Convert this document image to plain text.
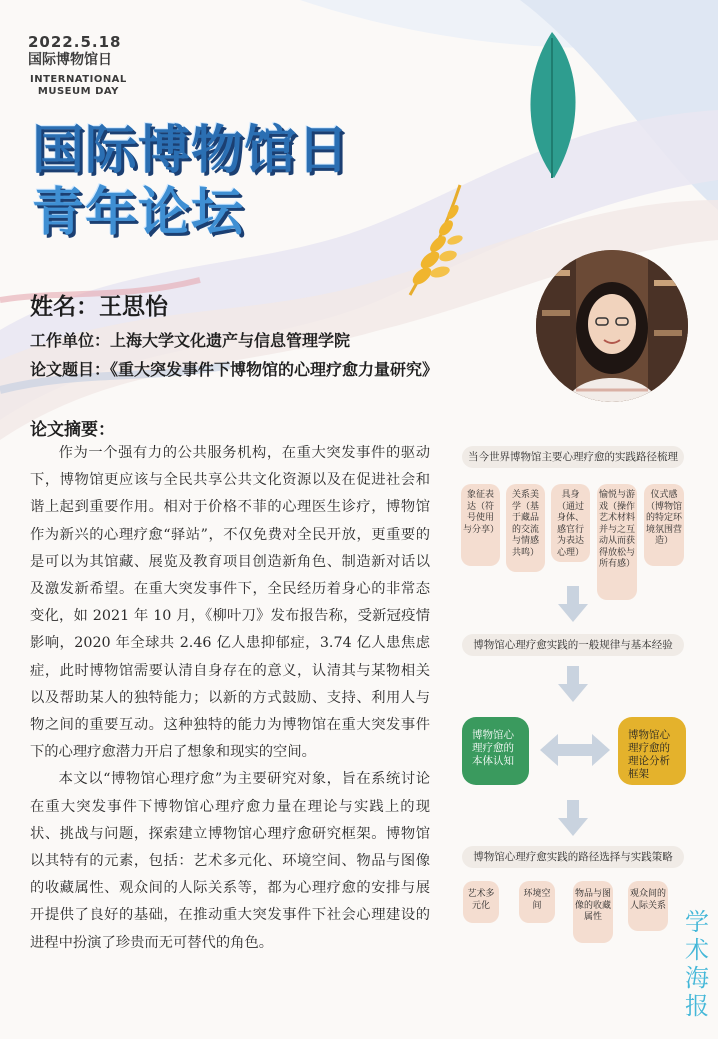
2022.5.18
国际博物馆日
INTERNATIONAL
MUSEUM DAY
国际博物馆日
青年论坛
姓名：王思怡
工作单位：上海大学文化遗产与信息管理学院
论文题目：《重大突发事件下博物馆的心理疗愈力量研究》
论文摘要：

作为一个强有力的公共服务机构，在重大突发事件的驱动下，博物馆更应该与全民共享公共文化资源以及在促进社会和谐上起到重要作用。相对于价格不菲的心理医生诊疗，博物馆作为新兴的心理疗愈“驿站”，不仅免费对全民开放，更重要的是可以为其馆藏、展览及教育项目创造新角色、制造新对话以及激发新希望。在重大突发事件下，全民经历着身心的非常态变化，如 2021 年 10 月，《柳叶刀》发布报告称，受新冠疫情影响，2020 年全球共 2.46 亿人患抑郁症，3.74 亿人患焦虑症，此时博物馆需要认清自身存在的意义，认清其与某物相关以及帮助某人的独特能力；以新的方式鼓励、支持、利用人与物之间的重要互动。这种独特的能力为博物馆在重大突发事件下的心理疗愈潜力开启了想象和现实的空间。

本文以“博物馆心理疗愈”为主要研究对象，旨在系统讨论在重大突发事件下博物馆心理疗愈力量在理论与实践上的现状、挑战与问题，探索建立博物馆心理疗愈研究框架。博物馆以其特有的元素，包括：艺术多元化、环境空间、物品与图像的收藏属性、观众间的人际关系等，都为心理疗愈的安排与展开提供了良好的基础，在推动重大突发事件下社会心理建设的进程中扮演了珍贵而无可替代的角色。

当今世界博物馆主要心理疗愈的实践路径梳理
象征表达（符号使用与分享）
关系美学（基于藏品的交流与情感共鸣）
具身（通过身体、感官行为表达心理）
愉悦与游戏（操作艺术材料并与之互动从而获得放松与所有感）
仪式感（博物馆的特定环境氛围营造）
博物馆心理疗愈实践的一般规律与基本经验
博物馆心理疗愈的本体认知
博物馆心理疗愈的理论分析框架
博物馆心理疗愈实践的路径选择与实践策略
艺术多元化
环境空间
物品与图像的收藏属性
观众间的人际关系
学术海报
